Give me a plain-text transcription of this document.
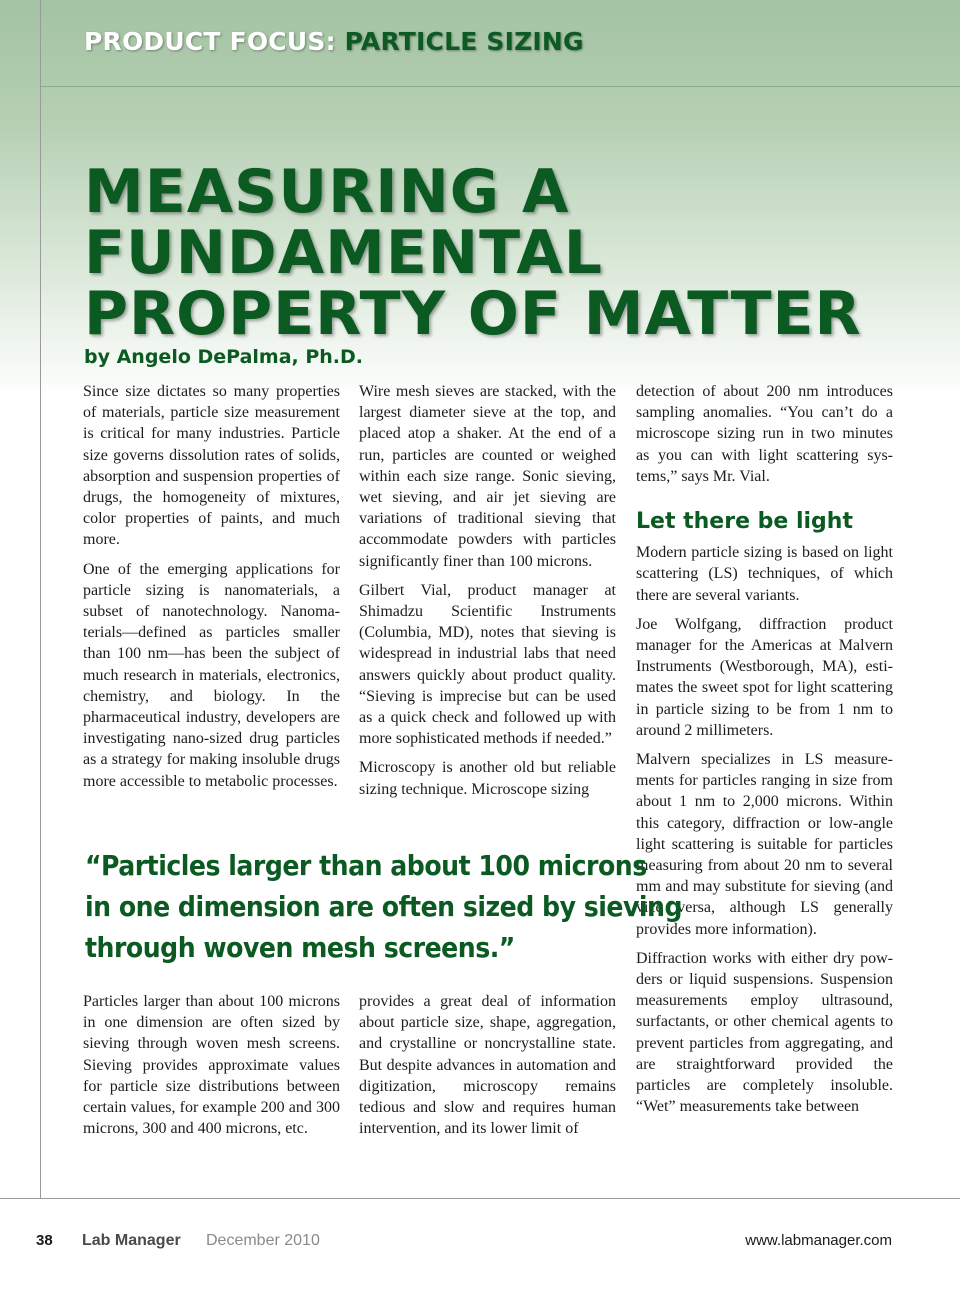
PRODUCT FOCUS: PARTICLE SIZING
MEASURING A
FUNDAMENTAL
PROPERTY OF MATTER
by Angelo DePalma, Ph.D.

Since size dictates so many properties of materials, particle size measurement is critical for many industries. Particle size governs dissolution rates of solids, absorption and suspension properties of drugs, the homogeneity of mixtures, color properties of paints, and much more.

One of the emerging applications for particle sizing is nanomaterials, a subset of nanotechnology. Nanomaterials—defined as particles smaller than 100 nm—has been the subject of much research in materials, electronics, chemistry, and biology. In the pharmaceutical industry, developers are investigating nano-sized drug particles as a strategy for making insoluble drugs more accessible to metabolic processes.

Wire mesh sieves are stacked, with the largest diameter sieve at the top, and placed atop a shaker. At the end of a run, particles are counted or weighed within each size range. Sonic sieving, wet sieving, and air jet sieving are variations of traditional sieving that accommodate powders with particles significantly finer than 100 microns.

Gilbert Vial, product manager at Shimadzu Scientific Instruments (Columbia, MD), notes that sieving is widespread in industrial labs that need answers quickly about product quality. “Sieving is imprecise but can be used as a quick check and followed up with more sophisticated methods if needed.”

Microscopy is another old but reliable sizing technique. Microscope sizing

detection of about 200 nm introduces sampling anomalies. “You can’t do a microscope sizing run in two minutes as you can with light scattering systems,” says Mr. Vial.

Let there be light

Modern particle sizing is based on light scattering (LS) techniques, of which there are several variants.

Joe Wolfgang, diffraction product manager for the Americas at Malvern Instruments (Westborough, MA), estimates the sweet spot for light scattering in particle sizing to be from 1 nm to around 2 millimeters.

Malvern specializes in LS measurements for particles ranging in size from about 1 nm to 2,000 microns. Within this category, diffraction or low-angle light scattering is suitable for particles measuring from about 20 nm to several mm and may substitute for sieving (and vice versa, although LS generally provides more information).

Diffraction works with either dry powders or liquid suspensions. Suspension measurements employ ultrasound, surfactants, or other chemical agents to prevent particles from aggregating, and are straightforward provided the particles are completely insoluble. “Wet” measurements take between

“Particles larger than about 100 microns
in one dimension are often sized by sieving
through woven mesh screens.”

Particles larger than about 100 microns in one dimension are often sized by sieving through woven mesh screens. Sieving provides approximate values for particle size distributions between certain values, for example 200 and 300 microns, 300 and 400 microns, etc.

provides a great deal of information about particle size, shape, aggregation, and crystalline or noncrystalline state. But despite advances in automation and digitization, microscopy remains tedious and slow and requires human intervention, and its lower limit of

38 Lab Manager December 2010	www.labmanager.com
